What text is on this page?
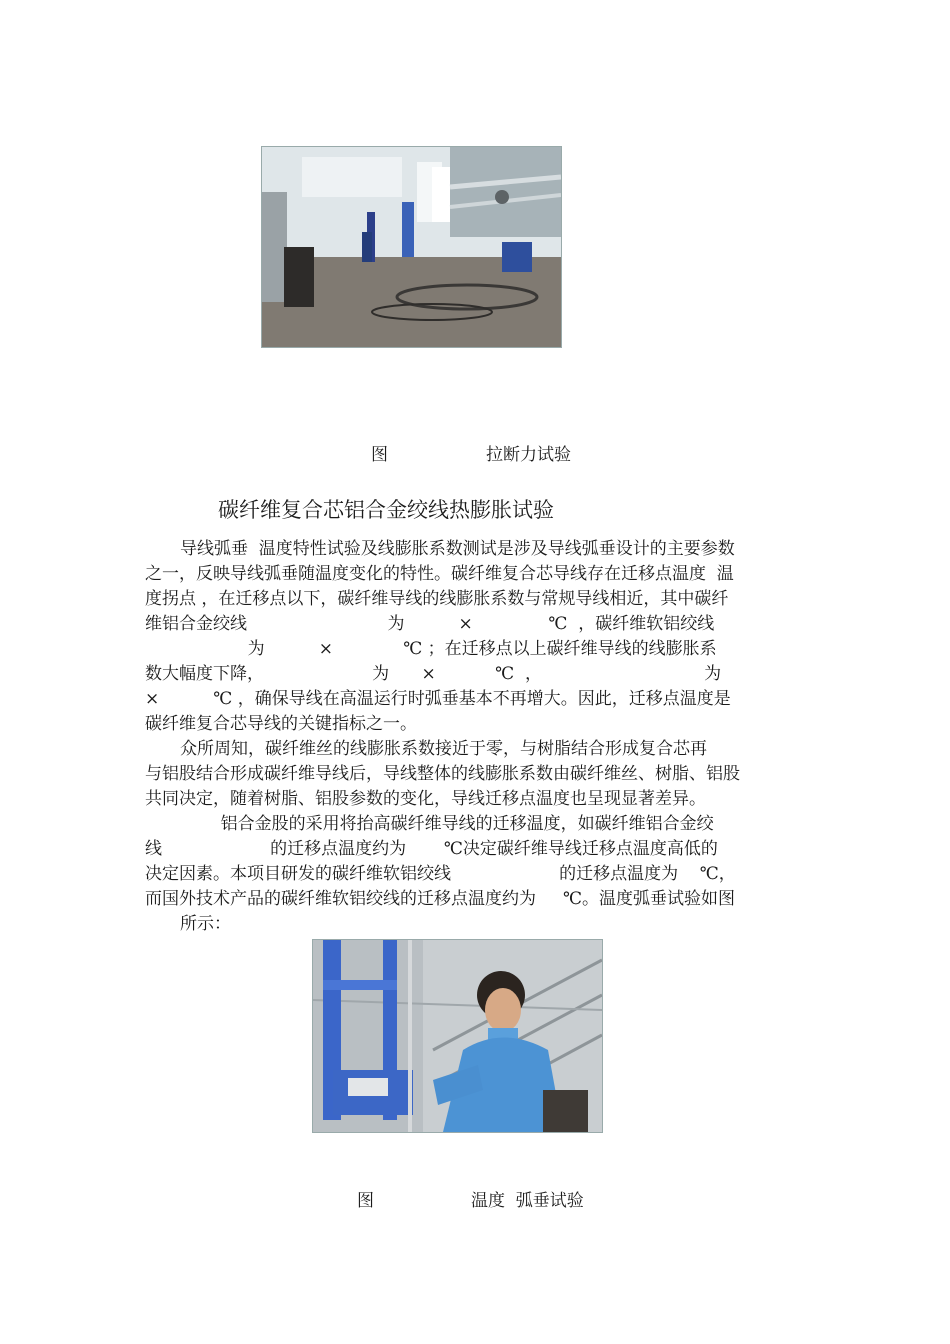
图	拉断力试验
碳纤维复合芯铝合金绞线热膨胀试验
导线弧垂  温度特性试验及线膨胀系数测试是涉及导线弧垂设计的主要参数
之一，反映导线弧垂随温度变化的特性。碳纤维复合芯导线存在迁移点温度  温
度拐点 ，在迁移点以下，碳纤维导线的线膨胀系数与常规导线相近，其中碳纤
维铝合金绞线                          为          ×              ℃  ，碳纤维软铝绞线
为          ×             ℃ ；在迁移点以上碳纤维导线的线膨胀系
数大幅度下降，                    为      ×           ℃  ，                              为
×          ℃ ，确保导线在高温运行时弧垂基本不再增大。因此，迁移点温度是
碳纤维复合芯导线的关键指标之一。
众所周知，碳纤维丝的线膨胀系数接近于零，与树脂结合形成复合芯再
与铝股结合形成碳纤维导线后，导线整体的线膨胀系数由碳纤维丝、树脂、铝股
共同决定，随着树脂、铝股参数的变化，导线迁移点温度也呈现显著差异。
铝合金股的采用将抬高碳纤维导线的迁移温度，如碳纤维铝合金绞
线                    的迁移点温度约为       ℃决定碳纤维导线迁移点温度高低的
决定因素。本项目研发的碳纤维软铝绞线                    的迁移点温度为    ℃，
而国外技术产品的碳纤维软铝绞线的迁移点温度约为     ℃。温度弧垂试验如图
所示：
图	温度  弧垂试验
